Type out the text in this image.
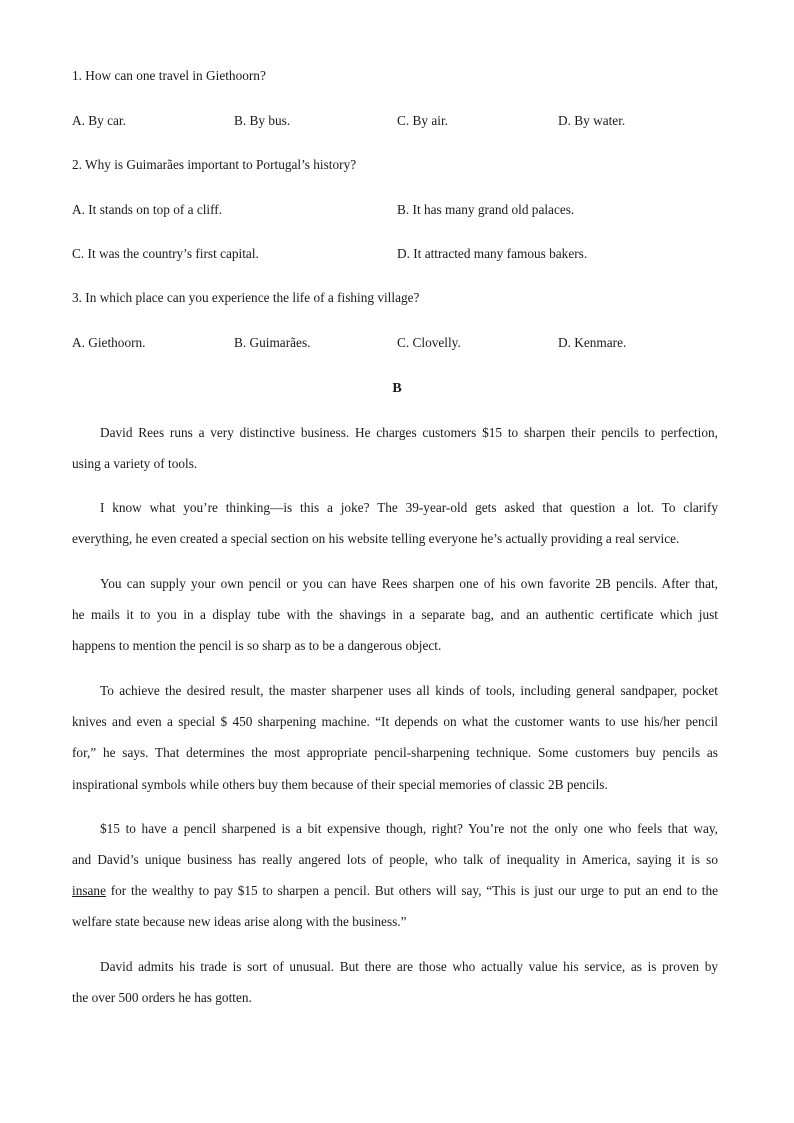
1. How can one travel in Giethoorn?
A. By car.	B. By bus.	C. By air.	D. By water.
2. Why is Guimarães important to Portugal’s history?
A. It stands on top of a cliff.	B. It has many grand old palaces.
C. It was the country’s first capital.	D. It attracted many famous bakers.
3. In which place can you experience the life of a fishing village?
A. Giethoorn.	B. Guimarães.	C. Clovelly.	D. Kenmare.
B
David Rees runs a very distinctive business. He charges customers $15 to sharpen their pencils to perfection,
using a variety of tools.
I know what you’re thinking—is this a joke? The 39-year-old gets asked that question a lot. To clarify
everything, he even created a special section on his website telling everyone he’s actually providing a real service.
You can supply your own pencil or you can have Rees sharpen one of his own favorite 2B pencils. After that,
he mails it to you in a display tube with the shavings in a separate bag, and an authentic certificate which just
happens to mention the pencil is so sharp as to be a dangerous object.
To achieve the desired result, the master sharpener uses all kinds of tools, including general sandpaper, pocket
knives and even a special $ 450 sharpening machine. “It depends on what the customer wants to use his/her pencil
for,” he says. That determines the most appropriate pencil-sharpening technique. Some customers buy pencils as
inspirational symbols while others buy them because of their special memories of classic 2B pencils.
$15 to have a pencil sharpened is a bit expensive though, right? You’re not the only one who feels that way,
and David’s unique business has really angered lots of people, who talk of inequality in America, saying it is so
insane for the wealthy to pay $15 to sharpen a pencil. But others will say, “This is just our urge to put an end to the
welfare state because new ideas arise along with the business.”
David admits his trade is sort of unusual. But there are those who actually value his service, as is proven by
the over 500 orders he has gotten.
